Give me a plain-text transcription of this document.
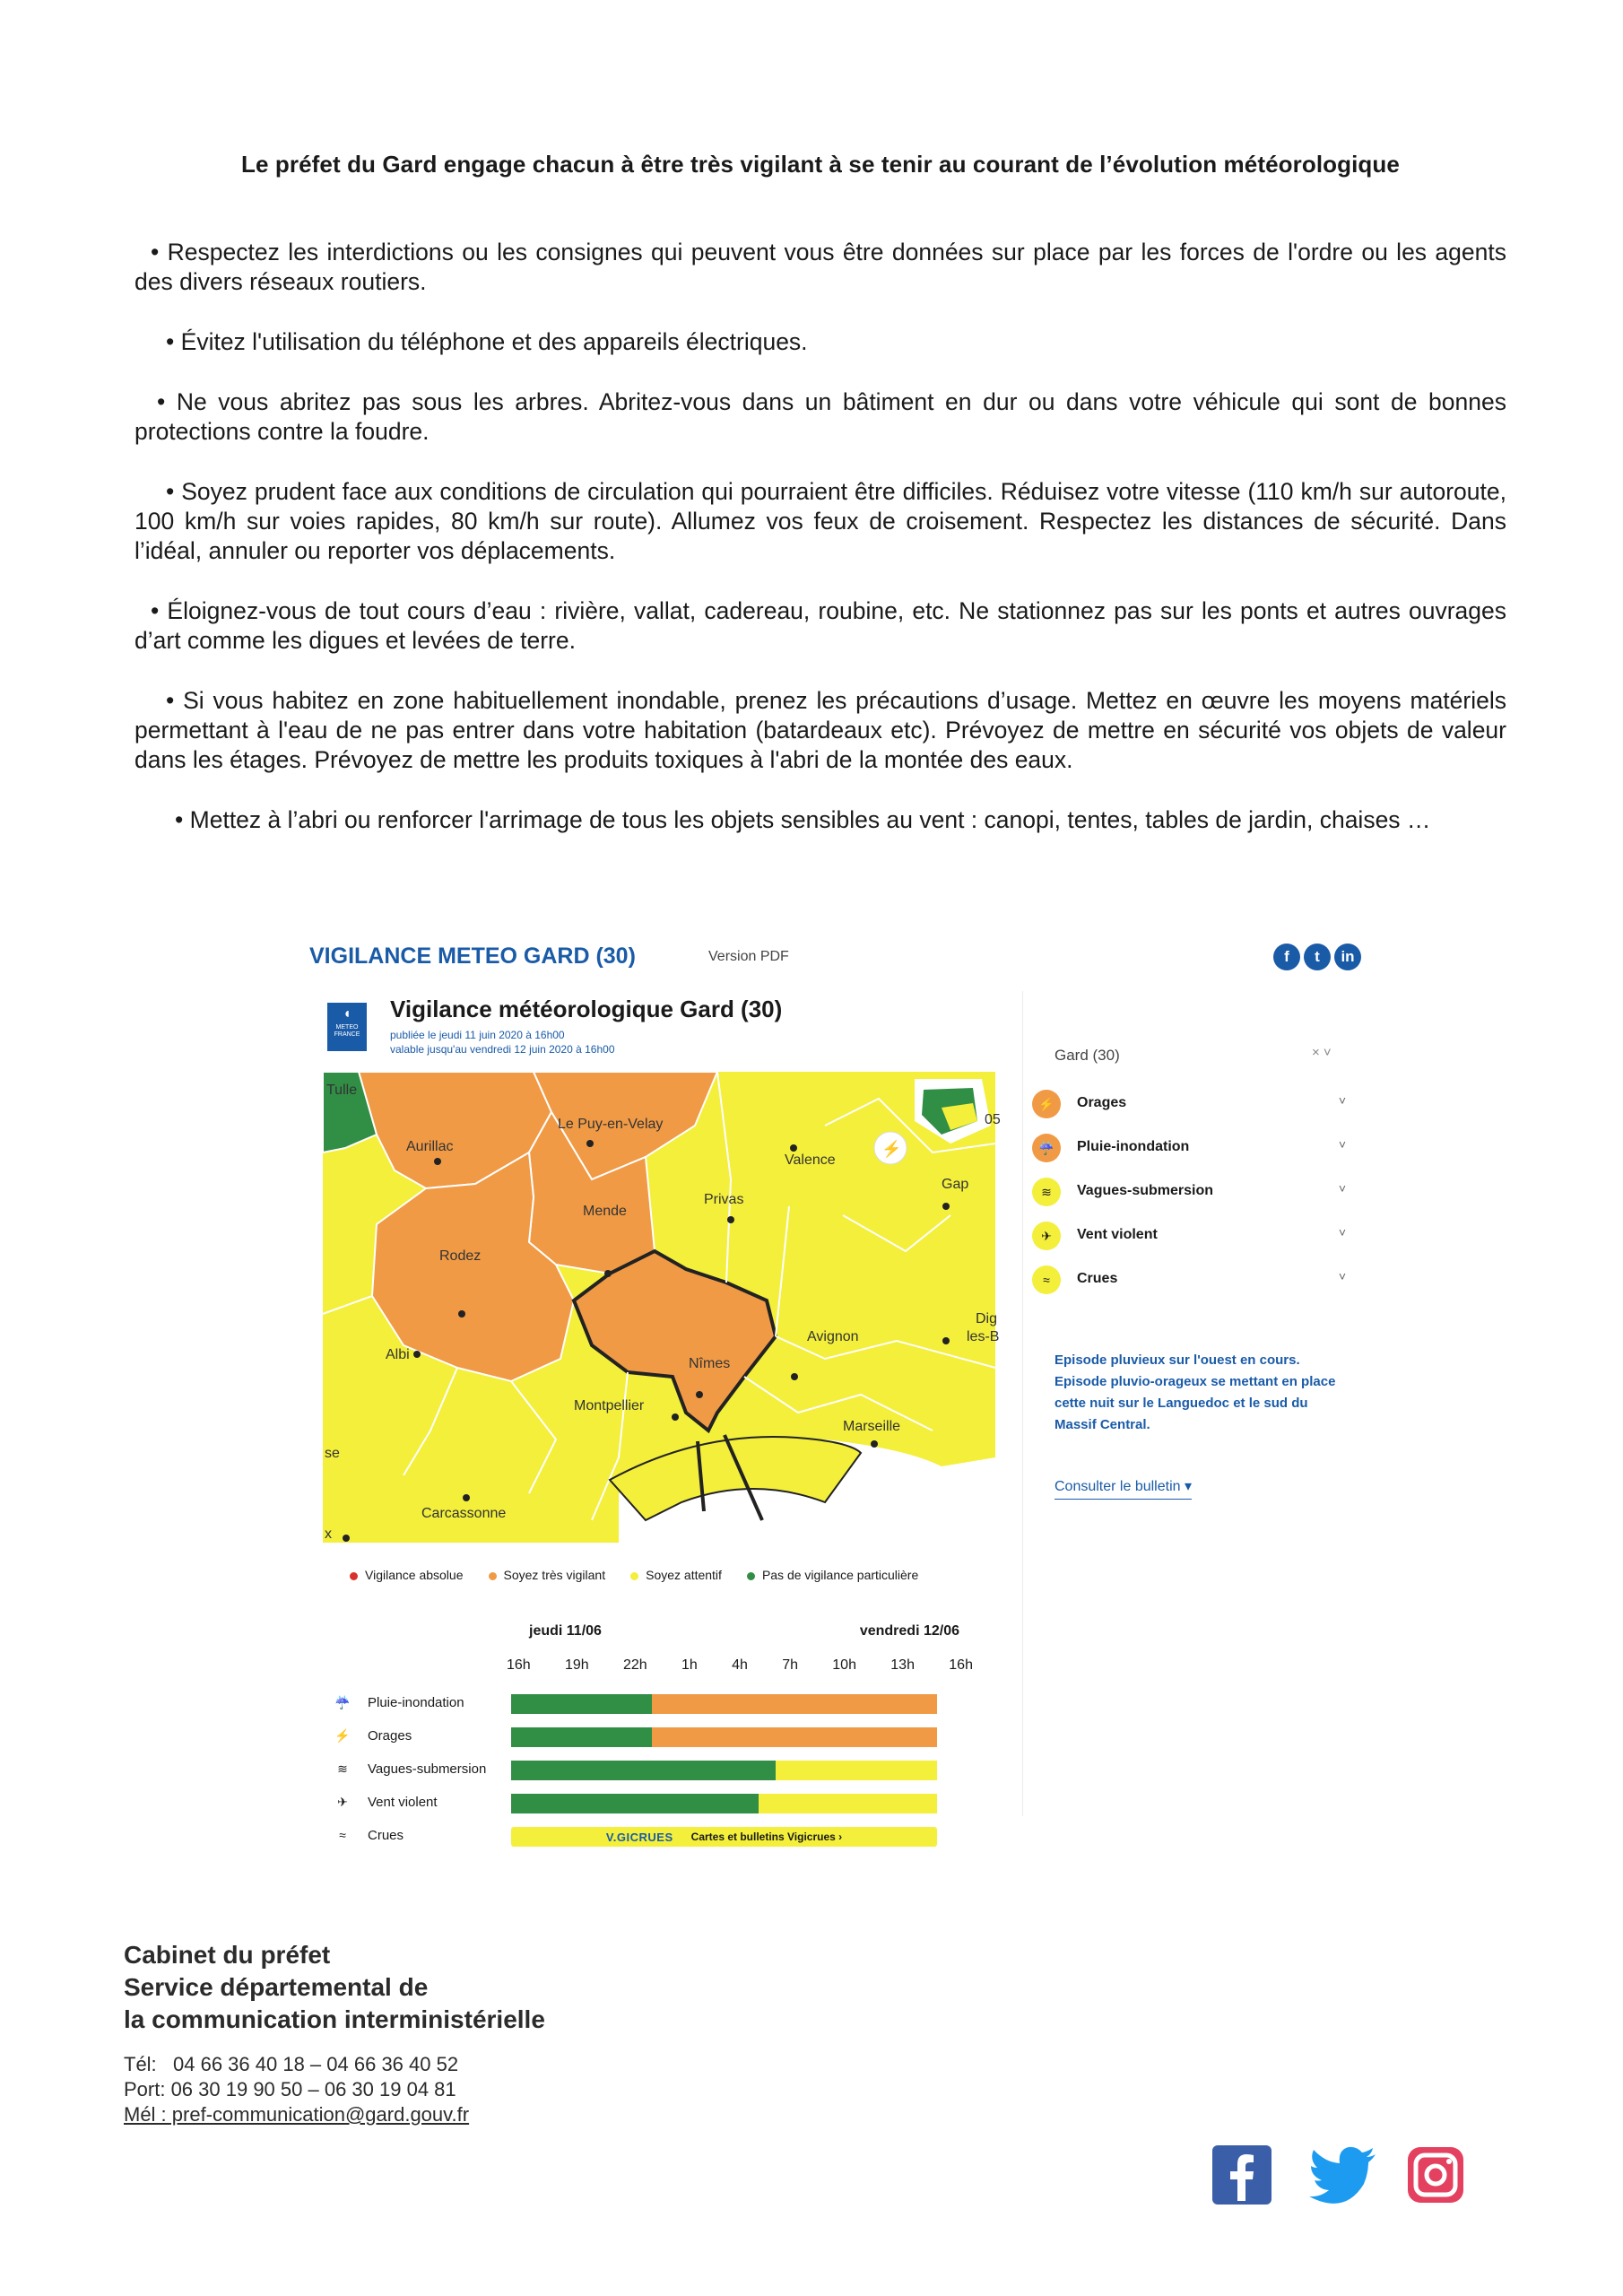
Le préfet du Gard engage chacun à être très vigilant à se tenir au courant de l’évolution météorologique

• Respectez les interdictions ou les consignes qui peuvent vous être données sur place par les forces de l'ordre ou les agents des divers réseaux routiers.

• Évitez l'utilisation du téléphone et des appareils électriques.

• Ne vous abritez pas sous les arbres. Abritez-vous dans un bâtiment en dur ou dans votre véhicule qui sont de bonnes protections contre la foudre.

• Soyez prudent face aux conditions de circulation qui pourraient être difficiles. Réduisez votre vitesse (110 km/h sur autoroute, 100 km/h sur voies rapides, 80 km/h sur route). Allumez vos feux de croisement. Respectez les distances de sécurité. Dans l’idéal, annuler ou reporter vos déplacements.

• Éloignez-vous de tout cours d’eau : rivière, vallat, cadereau, roubine, etc. Ne stationnez pas sur les ponts et autres ouvrages d’art comme les digues et levées de terre.

• Si vous habitez en zone habituellement inondable, prenez les précautions d’usage. Mettez en œuvre les moyens matériels permettant à l'eau de ne pas entrer dans votre habitation (batardeaux etc). Prévoyez de mettre en sécurité vos objets de valeur dans les étages. Prévoyez de mettre les produits toxiques à l'abri de la montée des eaux.

• Mettez à l’abri ou renforcer l'arrimage de tous les objets sensibles au vent : canopi, tentes, tables de jardin, chaises …

VIGILANCE METEO GARD (30)	Version PDF	f	t	in
◖
METEO FRANCE
Vigilance météorologique Gard (30)
publiée le jeudi 11 juin 2020 à 16h00
valable jusqu'au vendredi 12 juin 2020 à 16h00
⚡
Tulle
Aurillac
Le Puy-en-Velay
Privas
Valence
Gap
Mende
Rodez
Dig
les-B
Avignon
Nîmes
Albi
Montpellier
Marseille
Carcassonne
se
x
05
Vigilance absolue	Soyez très vigilant	Soyez attentif	Pas de vigilance particulière
jeudi 11/06	vendredi 12/06
16h 19h 22h 1h 4h 7h 10h 13h 16h
☔ Pluie-inondation
⚡ Orages
≋	Vagues-submersion
✈	Vent violent
≈	Crues	V.GICRUES Cartes et bulletins Vigicrues ›
Gard (30)	× ˅
⚡	Orages	˅
☔	Pluie-inondation	˅
≋	Vagues-submersion	˅
✈	Vent violent	˅
≈	Crues	˅
Episode pluvieux sur l'ouest en cours. Episode pluvio-orageux se mettant en place cette nuit sur le Languedoc et le sud du Massif Central.
Consulter le bulletin ▾
Cabinet du préfet
Service départemental de
la communication interministérielle
Tél:   04 66 36 40 18 – 04 66 36 40 52
Port: 06 30 19 90 50 – 06 30 19 04 81
Mél : pref-communication@gard.gouv.fr
